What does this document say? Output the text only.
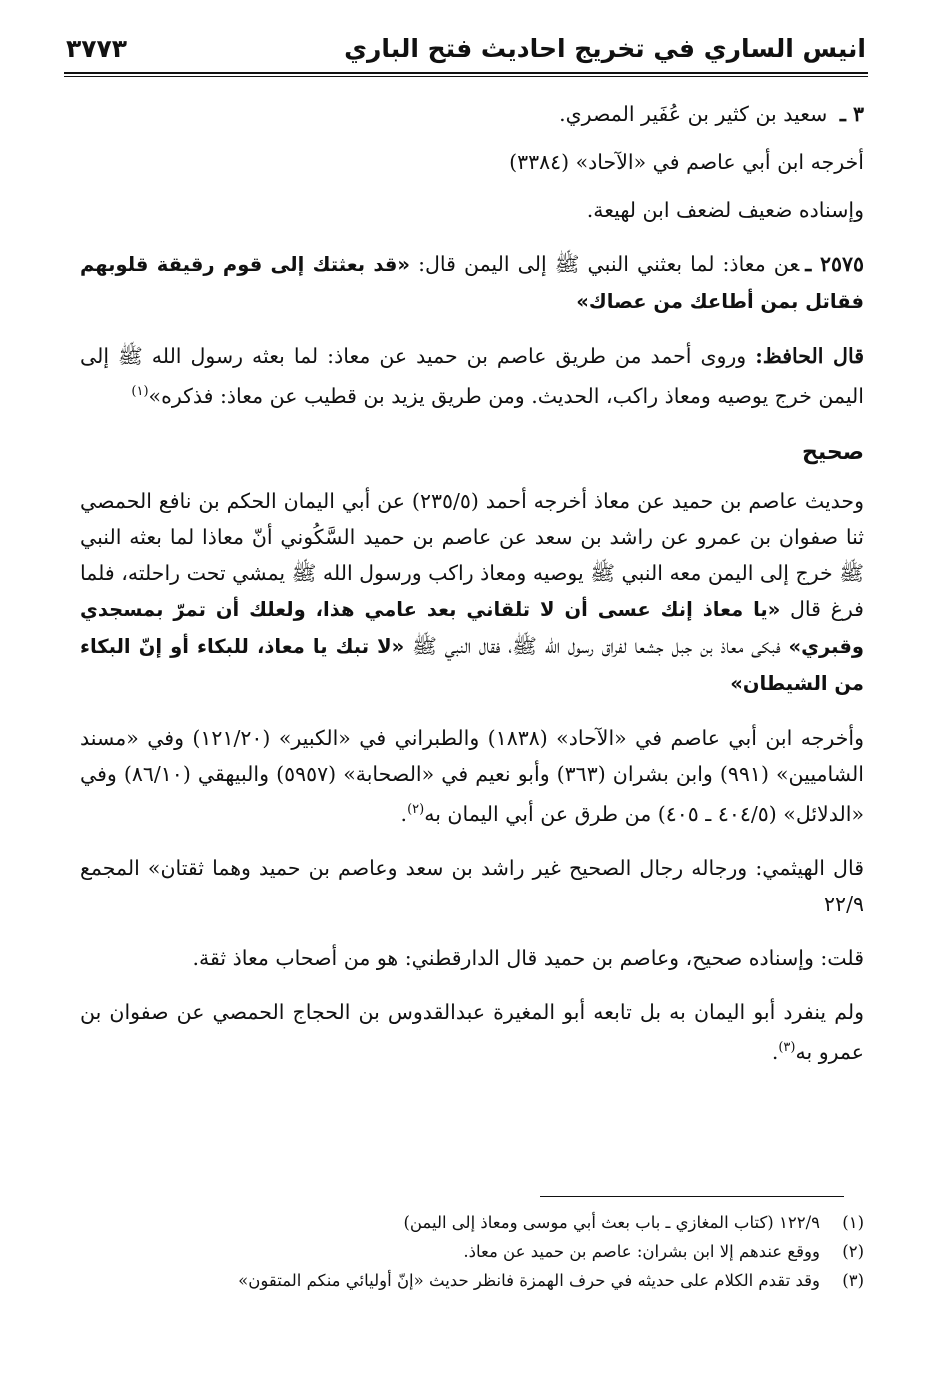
انيس الساري في تخريج احاديث فتح الباري
٣٧٧٣

٣ ـ سعيد بن كثير بن عُفَير المصري.

أخرجه ابن أبي عاصم في «الآحاد» (٣٣٨٤)

وإسناده ضعيف لضعف ابن لهيعة.

٢٥٧٥ ـعن معاذ: لما بعثني النبي ﷺ إلى اليمن قال: «قد بعثتك إلى قوم رقيقة قلوبهم فقاتل بمن أطاعك من عصاك»

قال الحافظ: وروى أحمد من طريق عاصم بن حميد عن معاذ: لما بعثه رسول الله ﷺ إلى اليمن خرج يوصيه ومعاذ راكب، الحديث. ومن طريق يزيد بن قطيب عن معاذ: فذكره»$^{(١)}$

صحيح

وحديث عاصم بن حميد عن معاذ أخرجه أحمد (٢٣٥/٥) عن أبي اليمان الحكم بن نافع الحمصي ثنا صفوان بن عمرو عن راشد بن سعد عن عاصم بن حميد السَّكُوني أنّ معاذا لما بعثه النبي ﷺ خرج إلى اليمن معه النبي ﷺ يوصيه ومعاذ راكب ورسول الله ﷺ يمشي تحت راحلته، فلما فرغ قال «يا معاذ إنك عسى أن لا تلقاني بعد عامي هذا، ولعلك أن تمرّ بمسجدي وقبري» فبكى معاذ بن جبل جشعا لفراق رسول الله ﷺ، فقال النبي ﷺ «لا تبك يا معاذ، للبكاء أو إنّ البكاء من الشيطان»

وأخرجه ابن أبي عاصم في «الآحاد» (١٨٣٨) والطبراني في «الكبير» (١٢١/٢٠) وفي «مسند الشاميين» (٩٩١) وابن بشران (٣٦٣) وأبو نعيم في «الصحابة» (٥٩٥٧) والبيهقي (٨٦/١٠) وفي «الدلائل» (٤٠٤/٥ ـ ٤٠٥) من طرق عن أبي اليمان به$^{(٢)}$.

قال الهيثمي: ورجاله رجال الصحيح غير راشد بن سعد وعاصم بن حميد وهما ثقتان» المجمع ٢٢/٩

قلت: وإسناده صحيح، وعاصم بن حميد قال الدارقطني: هو من أصحاب معاذ ثقة.

ولم ينفرد أبو اليمان به بل تابعه أبو المغيرة عبدالقدوس بن الحجاج الحمصي عن صفوان بن عمرو به$^{(٣)}$.

(١)١٢٢/٩ (كتاب المغازي ـ باب بعث أبي موسى ومعاذ إلى اليمن)
(٢)ووقع عندهم إلا ابن بشران: عاصم بن حميد عن معاذ.
(٣)وقد تقدم الكلام على حديثه في حرف الهمزة فانظر حديث «إنّ أوليائي منكم المتقون»
